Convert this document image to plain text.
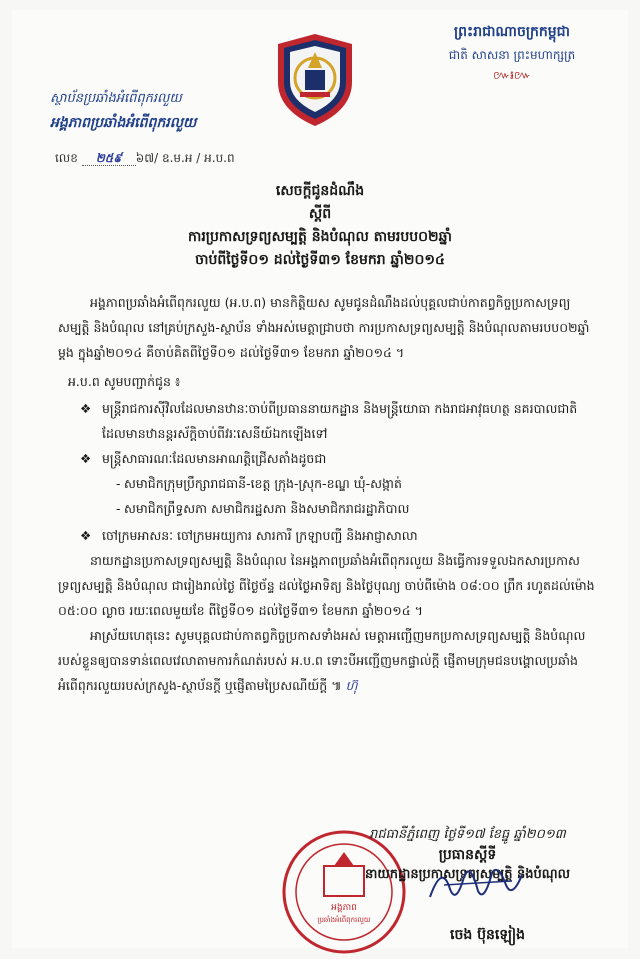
ព្រះរាជាណាចក្រកម្ពុជា
ជាតិ សាសនា ព្រះមហាក្សត្រ
៚៛៚
ស្ថាប័នប្រឆាំងអំពើពុករលួយ
អង្គភាពប្រឆាំងអំពើពុករលួយ
លេខ ២៥៩ ៦៧/ ឧ.ម.អ / អ.ប.ព
សេចក្តីជូនដំណឹង
ស្តីពី
ការប្រកាសទ្រព្យសម្បត្តិ និងបំណុល តាមរបប០២ឆ្នាំ
ចាប់ពីថ្ងៃទី០១ ដល់ថ្ងៃទី៣១ ខែមករា ឆ្នាំ២០១៤

អង្គភាពប្រឆាំងអំពើពុករលួយ (អ.ប.ព) មានកិត្តិយស សូមជូនដំណឹងដល់បុគ្គលជាប់កាតព្វកិច្ចប្រកាសទ្រព្យសម្បត្តិ និងបំណុល នៅគ្រប់ក្រសួង-ស្ថាប័ន ទាំងអស់មេត្តាជ្រាបថា ការប្រកាសទ្រព្យសម្បត្តិ និងបំណុលតាមរបប០២ឆ្នាំម្តង ក្នុងឆ្នាំ២០១៤ គឺចាប់គិតពីថ្ងៃទី០១ ដល់ថ្ងៃទី៣១ ខែមករា ឆ្នាំ២០១៤ ។

អ.ប.ព សូមបញ្ជាក់ជូន ៖
❖ មន្ត្រីរាជការស៊ីវិលដែលមានឋានៈចាប់ពីប្រធាននាយកដ្ឋាន និងមន្ត្រីយោធា កងរាជអាវុធហត្ថ នគរបាលជាតិ ដែលមានឋានន្តរស័ក្តិចាប់ពីវរៈសេនីយ៍ឯកឡើងទៅ
❖ មន្ត្រីសាធារណៈដែលមានអាណត្តិជ្រើសតាំងដូចជា
- សមាជិកក្រុមប្រឹក្សារាជធានី-ខេត្ត ក្រុង-ស្រុក-ខណ្ឌ ឃុំ-សង្កាត់
- សមាជិកព្រឹទ្ធសភា សមាជិករដ្ឋសភា និងសមាជិករាជរដ្ឋាភិបាល
❖ ចៅក្រមអាសនៈ ចៅក្រមអយ្យការ សារការី ក្រឡាបញ្ជី និងអាជ្ញាសាលា

នាយកដ្ឋានប្រកាសទ្រព្យសម្បត្តិ និងបំណុល នៃអង្គភាពប្រឆាំងអំពើពុករលួយ និងធ្វើការទទួលឯកសារប្រកាសទ្រព្យសម្បត្តិ និងបំណុល ជារៀងរាល់ថ្ងៃ ពីថ្ងៃច័ន្ទ ដល់ថ្ងៃអាទិត្យ និងថ្ងៃបុណ្យ ចាប់ពីម៉ោង ០៨:០០ ព្រឹក រហូតដល់ម៉ោង ០៥:០០ ល្ងាច រយៈពេលមួយខែ ពីថ្ងៃទី០១ ដល់ថ្ងៃទី៣១ ខែមករា ឆ្នាំ២០១៤ ។

អាស្រ័យហេតុនេះ សូមបុគ្គលជាប់កាតព្វកិច្ចប្រកាសទាំងអស់ មេត្តាអញ្ជើញមកប្រកាសទ្រព្យសម្បត្តិ និងបំណុល របស់ខ្លួនឲ្យបានទាន់ពេលវេលាតាមការកំណត់របស់ អ.ប.ព ទោះបីអញ្ជើញមកផ្ទាល់ក្តី ផ្ញើតាមក្រុមជនបង្គោលប្រឆាំងអំពើពុករលួយរបស់ក្រសួង-ស្ថាប័នក្តី ឬផ្ញើតាមប្រៃសណីយ៍ក្តី ៕ ហ៊ុ

អង្គភាព
ប្រឆាំងអំពើពុករលួយ
រាជធានីភ្នំពេញ ថ្ងៃទី១៧ ខែធ្នូ ឆ្នាំ២០១៣
ប្រធានស្តីទី
នាយកដ្ឋានប្រកាសទ្រព្យសម្បត្តិ និងបំណុល
ចេង ប៊ុនឡៀង
